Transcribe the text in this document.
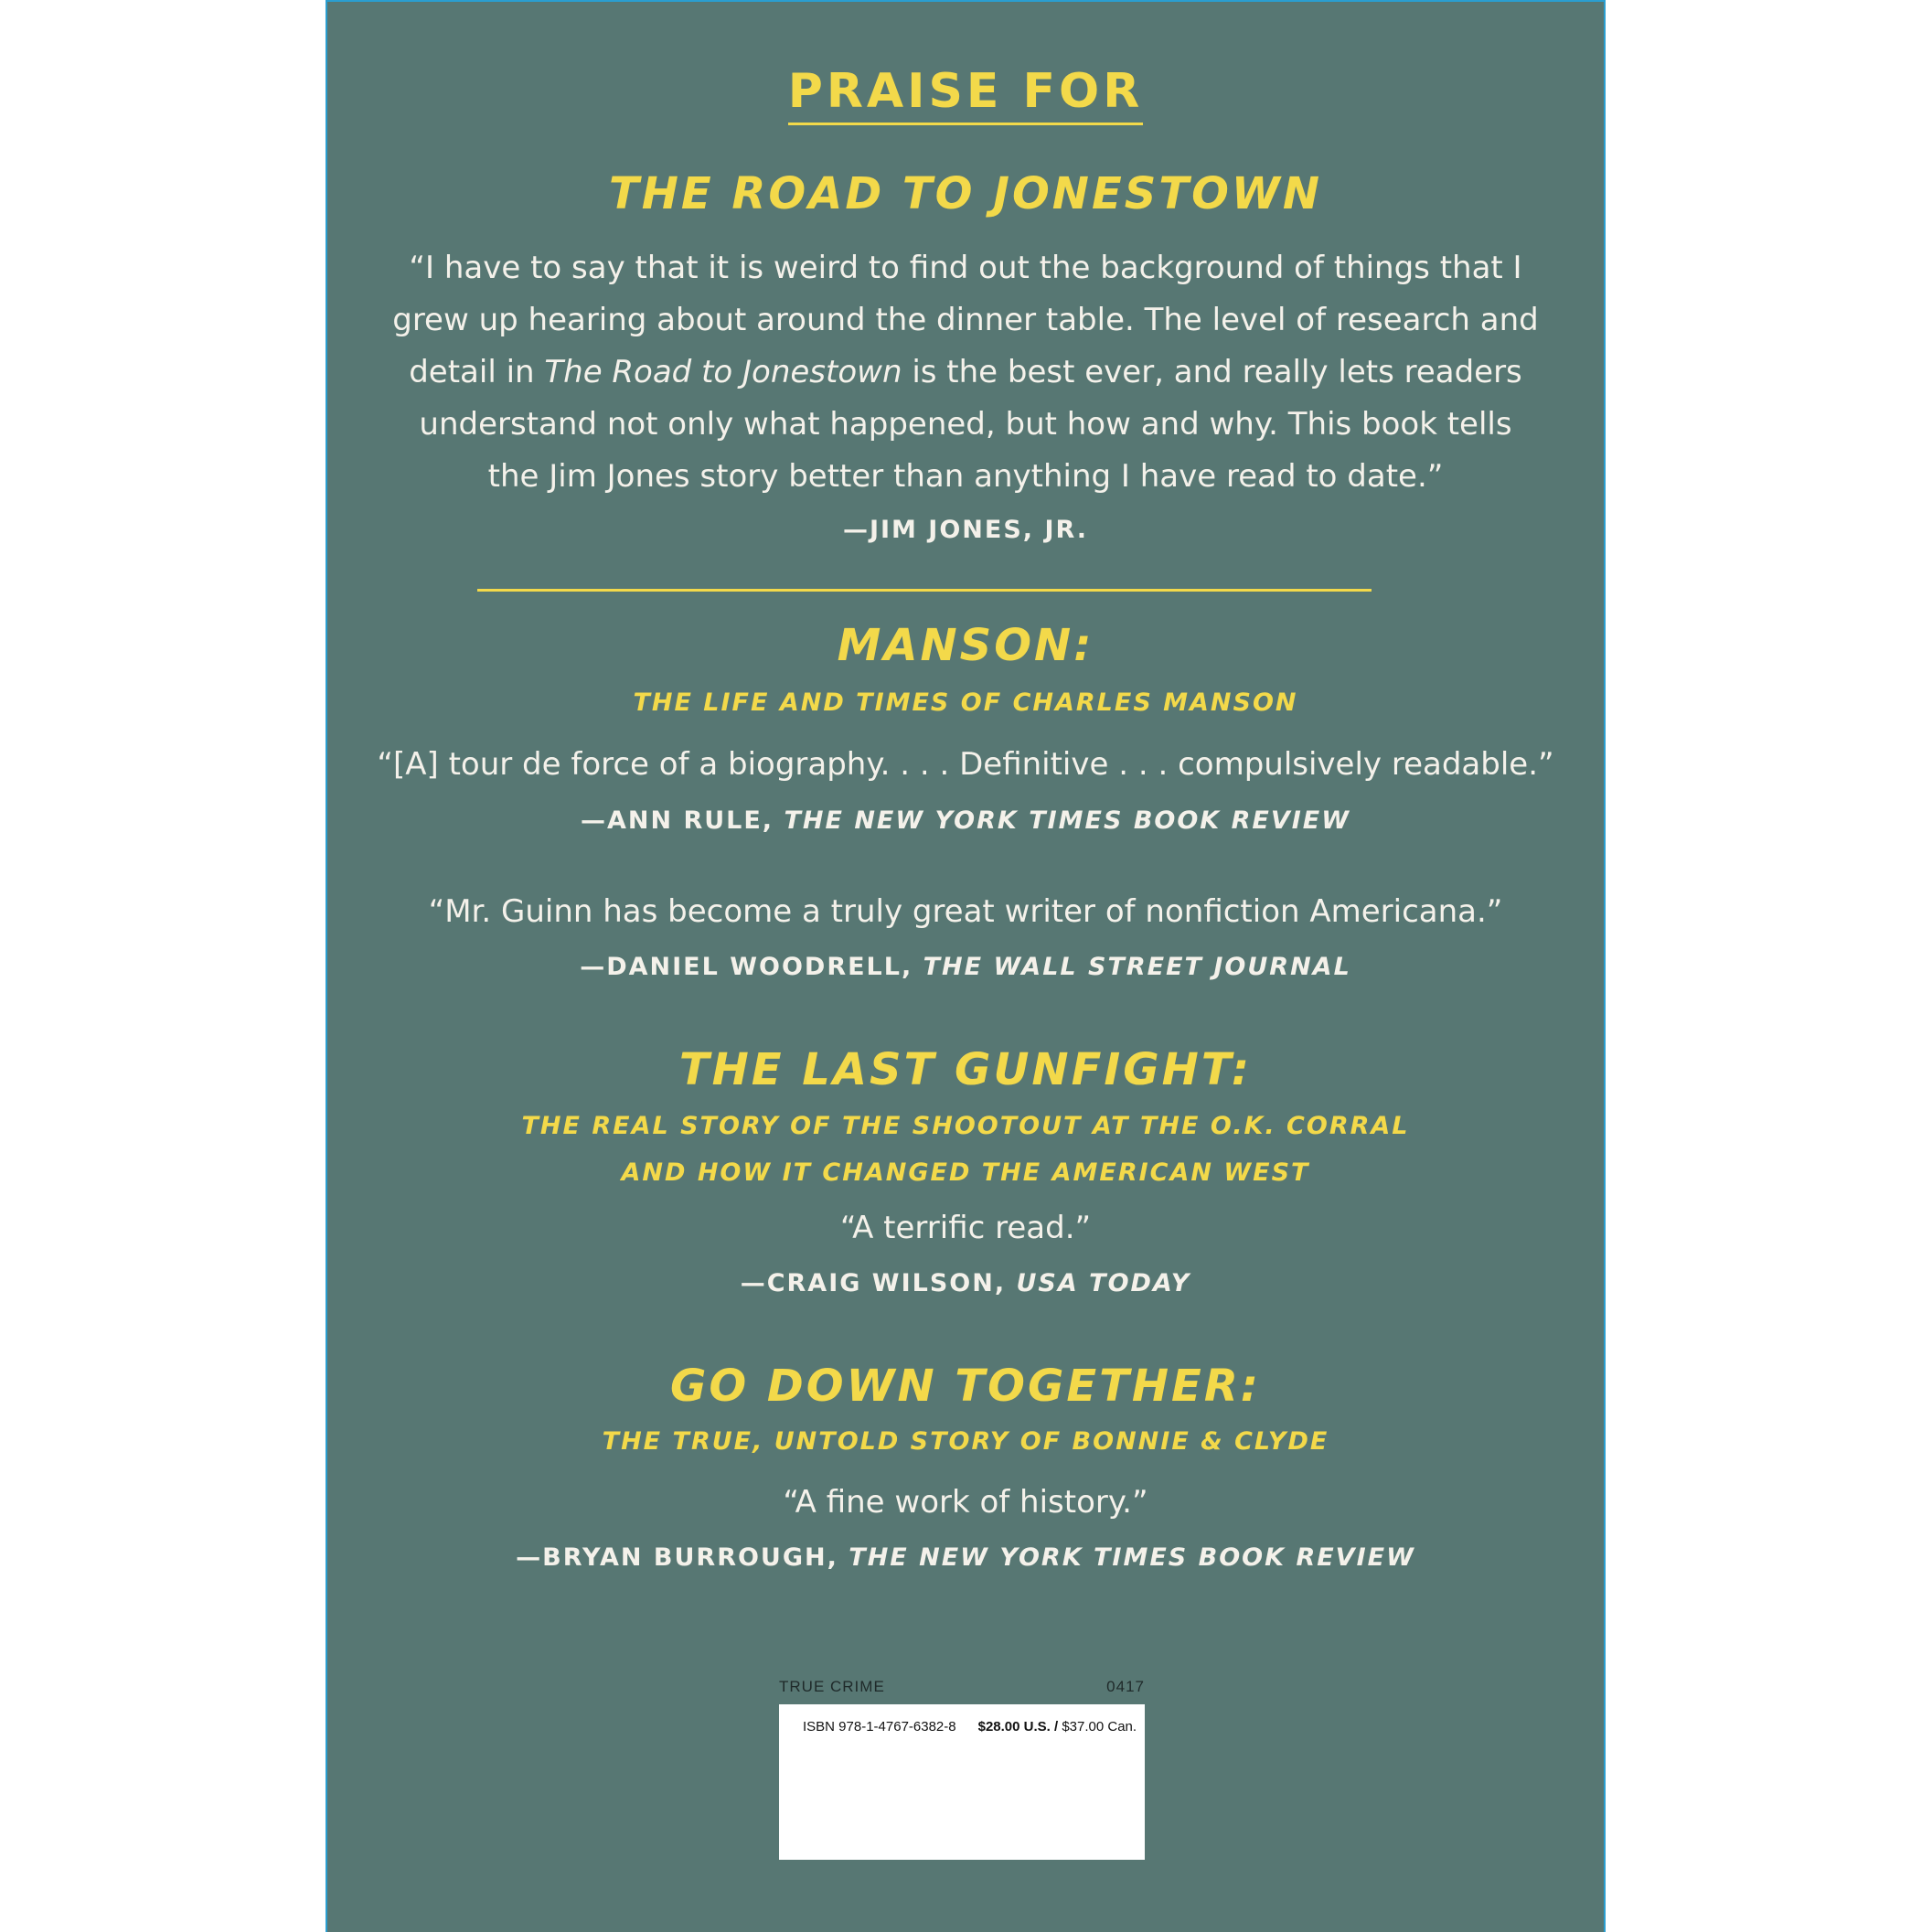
PRAISE FOR
THE ROAD TO JONESTOWN
“I have to say that it is weird to find out the background of things that I
grew up hearing about around the dinner table. The level of research and
detail in The Road to Jonestown is the best ever, and really lets readers
understand not only what happened, but how and why. This book tells
the Jim Jones story better than anything I have read to date.”
—JIM JONES, JR.
MANSON:
THE LIFE AND TIMES OF CHARLES MANSON
“[A] tour de force of a biography. . . . Definitive . . . compulsively readable.”
—ANN RULE, THE NEW YORK TIMES BOOK REVIEW
“Mr. Guinn has become a truly great writer of nonfiction Americana.”
—DANIEL WOODRELL, THE WALL STREET JOURNAL
THE LAST GUNFIGHT:
THE REAL STORY OF THE SHOOTOUT AT THE O.K. CORRAL
AND HOW IT CHANGED THE AMERICAN WEST
“A terrific read.”
—CRAIG WILSON, USA TODAY
GO DOWN TOGETHER:
THE TRUE, UNTOLD STORY OF BONNIE & CLYDE
“A fine work of history.”
—BRYAN BURROUGH, THE NEW YORK TIMES BOOK REVIEW
TRUE CRIME	0417
ISBN 978-1-4767-6382-8 $28.00 U.S. / $37.00 Can.
